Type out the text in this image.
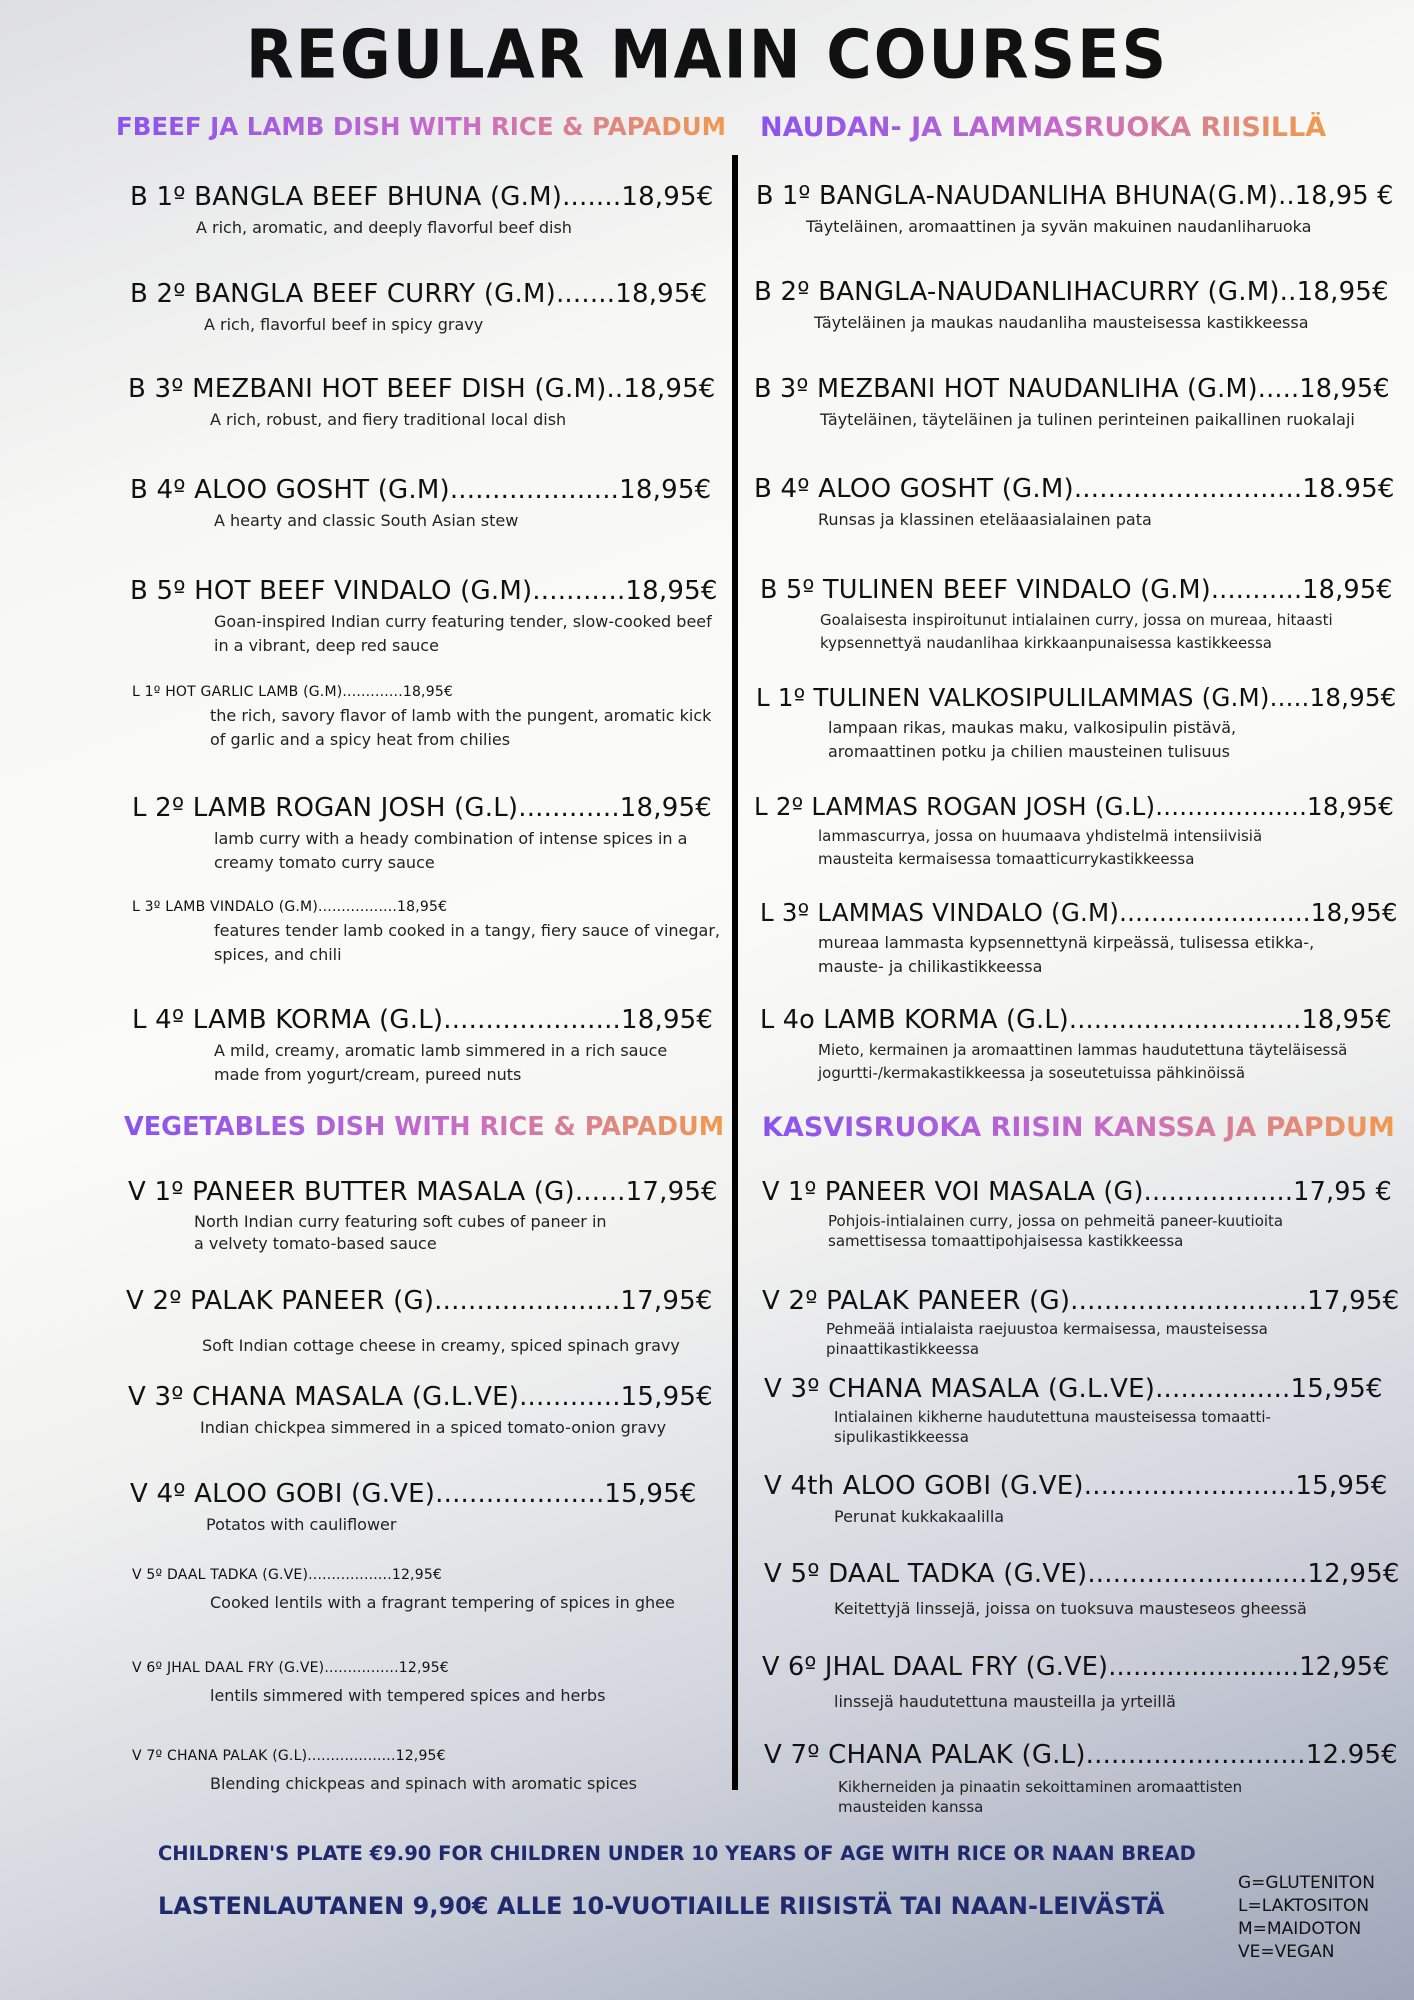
REGULAR MAIN COURSES
FBEEF JA LAMB DISH WITH RICE & PAPADUM NAUDAN- JA LAMMASRUOKA RIISILLÄ
VEGETABLES DISH WITH RICE & PAPADUM KASVISRUOKA RIISIN KANSSA JA PAPDUM
B 1º BANGLA BEEF BHUNA (G.M).......18,95€
A rich, aromatic, and deeply flavorful beef dish
B 2º BANGLA BEEF CURRY (G.M).......18,95€
A rich, flavorful beef in spicy gravy
B 3º MEZBANI HOT BEEF DISH (G.M)..18,95€
A rich, robust, and fiery traditional local dish
B 4º ALOO GOSHT (G.M)....................18,95€
A hearty and classic South Asian stew
B 5º HOT BEEF VINDALO (G.M)...........18,95€
Goan-inspired Indian curry featuring tender, slow-cooked beef in a vibrant, deep red sauce
L 1º HOT GARLIC LAMB (G.M).............18,95€
the rich, savory flavor of lamb with the pungent, aromatic kick of garlic and a spicy heat from chilies
L 2º LAMB ROGAN JOSH (G.L)............18,95€
lamb curry with a heady combination of intense spices in a creamy tomato curry sauce
L 3º LAMB VINDALO (G.M).................18,95€
features tender lamb cooked in a tangy, fiery sauce of vinegar, spices, and chili
L 4º LAMB KORMA (G.L).....................18,95€
A mild, creamy, aromatic lamb simmered in a rich sauce made from yogurt/cream, pureed nuts
V 1º PANEER BUTTER MASALA (G)......17,95€
North Indian curry featuring soft cubes of paneer in a velvety tomato-based sauce
V 2º PALAK PANEER (G)......................17,95€
Soft Indian cottage cheese in creamy, spiced spinach gravy
V 3º CHANA MASALA (G.L.VE)............15,95€
Indian chickpea simmered in a spiced tomato-onion gravy
V 4º ALOO GOBI (G.VE)....................15,95€
Potatos with cauliflower
V 5º DAAL TADKA (G.VE)..................12,95€
Cooked lentils with a fragrant tempering of spices in ghee
V 6º JHAL DAAL FRY (G.VE)................12,95€
lentils simmered with tempered spices and herbs
V 7º CHANA PALAK (G.L)...................12,95€
Blending chickpeas and spinach with aromatic spices
B 1º BANGLA-NAUDANLIHA BHUNA(G.M)..18,95 €
Täyteläinen, aromaattinen ja syvän makuinen naudanliharuoka
B 2º BANGLA-NAUDANLIHACURRY (G.M)..18,95€
Täyteläinen ja maukas naudanliha mausteisessa kastikkeessa
B 3º MEZBANI HOT NAUDANLIHA (G.M).....18,95€
Täyteläinen, täyteläinen ja tulinen perinteinen paikallinen ruokalaji
B 4º ALOO GOSHT (G.M)...........................18.95€
Runsas ja klassinen eteläaasialainen pata
B 5º TULINEN BEEF VINDALO (G.M)...........18,95€
Goalaisesta inspiroitunut intialainen curry, jossa on mureaa, hitaasti kypsennettyä naudanlihaa kirkkaanpunaisessa kastikkeessa
L 1º TULINEN VALKOSIPULILAMMAS (G.M).....18,95€
lampaan rikas, maukas maku, valkosipulin pistävä, aromaattinen potku ja chilien mausteinen tulisuus
L 2º LAMMAS ROGAN JOSH (G.L)...................18,95€
lammascurrya, jossa on huumaava yhdistelmä intensiivisiä mausteita kermaisessa tomaatticurrykastikkeessa
L 3º LAMMAS VINDALO (G.M)........................18,95€
mureaa lammasta kypsennettynä kirpeässä, tulisessa etikka-, mauste- ja chilikastikkeessa
L 4o LAMB KORMA (G.L)............................18,95€
Mieto, kermainen ja aromaattinen lammas haudutettuna täyteläisessä jogurtti-/kermakastikkeessa ja soseutetuissa pähkinöissä
V 1º PANEER VOI MASALA (G)..................17,95 €
Pohjois-intialainen curry, jossa on pehmeitä paneer-kuutioita samettisessa tomaattipohjaisessa kastikkeessa
V 2º PALAK PANEER (G)............................17,95€
Pehmeää intialaista raejuustoa kermaisessa, mausteisessa pinaattikastikkeessa
V 3º CHANA MASALA (G.L.VE)................15,95€
Intialainen kikherne haudutettuna mausteisessa tomaatti-sipulikastikkeessa
V 4th ALOO GOBI (G.VE).........................15,95€
Perunat kukkakaalilla
V 5º DAAL TADKA (G.VE)..........................12,95€
Keitettyjä linssejä, joissa on tuoksuva mausteseos gheessä
V 6º JHAL DAAL FRY (G.VE).......................12,95€
linssejä haudutettuna mausteilla ja yrteillä
V 7º CHANA PALAK (G.L)..........................12.95€
Kikherneiden ja pinaatin sekoittaminen aromaattisten mausteiden kanssa
CHILDREN'S PLATE €9.90 FOR CHILDREN UNDER 10 YEARS OF AGE WITH RICE OR NAAN BREAD
LASTENLAUTANEN 9,90€ ALLE 10-VUOTIAILLE RIISISTÄ TAI NAAN-LEIVÄSTÄ
G=GLUTENITON
L=LAKTOSITON
M=MAIDOTON
VE=VEGAN
